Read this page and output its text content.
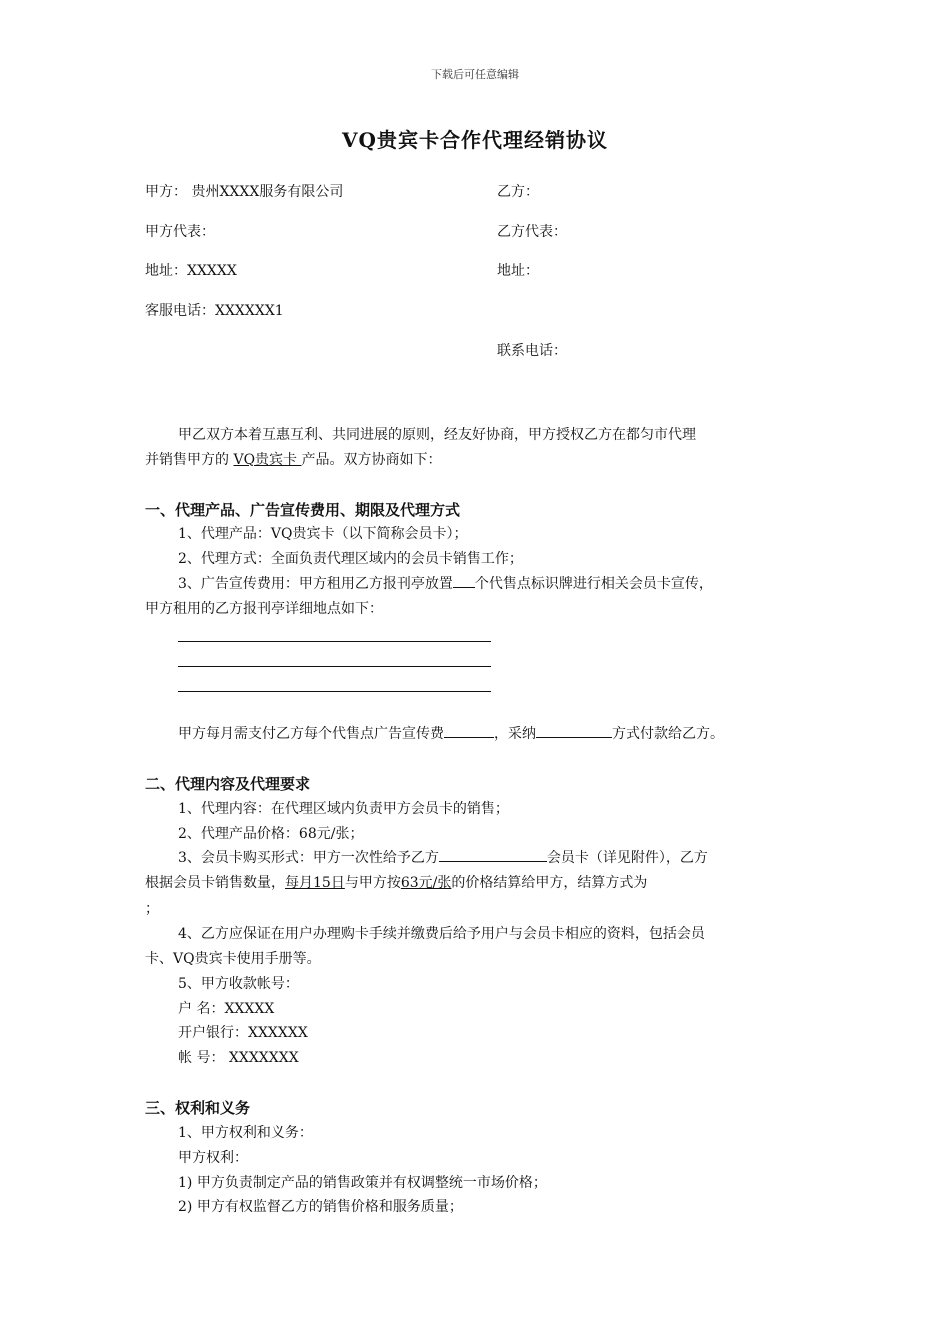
下载后可任意编辑
VQ贵宾卡合作代理经销协议
甲方： 贵州XXXX服务有限公司	乙方：
甲方代表：	乙方代表：
地址：XXXXX	地址：
客服电话：XXXXXX1
联系电话：
甲乙双方本着互惠互利、共同进展的原则，经友好协商，甲方授权乙方在都匀市代理
并销售甲方的 VQ贵宾卡 产品。双方协商如下：
一、代理产品、广告宣传费用、期限及代理方式
1、代理产品：VQ贵宾卡（以下简称会员卡）；
2、代理方式：全面负责代理区域内的会员卡销售工作；
3、广告宣传费用：甲方租用乙方报刊亭放置 个代售点标识牌进行相关会员卡宣传，
甲方租用的乙方报刊亭详细地点如下：
甲方每月需支付乙方每个代售点广告宣传费	，采纳	方式付款给乙方。
二、代理内容及代理要求
1、代理内容：在代理区域内负责甲方会员卡的销售；
2、代理产品价格：68元/张；
3、会员卡购买形式：甲方一次性给予乙方	会员卡（详见附件），乙方
根据会员卡销售数量，每月15日与甲方按63元/张的价格结算给甲方，结算方式为
；
4、乙方应保证在用户办理购卡手续并缴费后给予用户与会员卡相应的资料，包括会员
卡、VQ贵宾卡使用手册等。
5、甲方收款帐号：
户 名：XXXXX
开户银行：XXXXXX
帐 号： XXXXXXX
三、权利和义务
1、甲方权利和义务：
甲方权利：
1) 甲方负责制定产品的销售政策并有权调整统一市场价格；
2) 甲方有权监督乙方的销售价格和服务质量；
